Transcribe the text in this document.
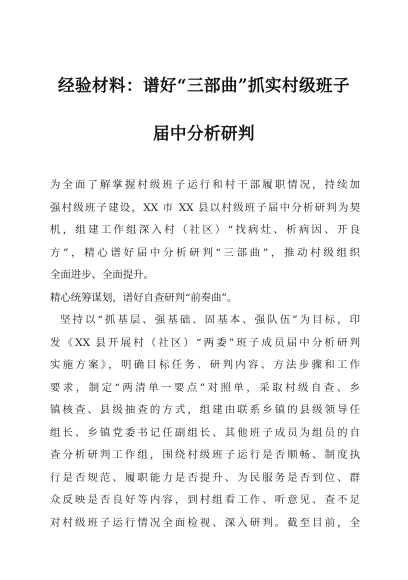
经验材料：谱好“三部曲”抓实村级班子
届中分析研判
为全面了解掌握村级班子运行和村干部履职情况，持续加
强村级班子建设，XX 市 XX 县以村级班子届中分析研判为契
机，组建工作组深入村（社区）“找病灶、析病因、开良
方”，精心谱好届中分析研判“三部曲”，推动村级组织
全面进步、全面提升。
精心统筹谋划，谱好自查研判“前奏曲”。
坚持以“抓基层、强基础、固基本、强队伍”为目标，印
发《XX 县开展村（社区）“两委”班子成员届中分析研判
实施方案》，明确目标任务、研判内容、方法步骤和工作
要求，制定“两清单一要点”对照单，采取村级自查、乡
镇核查、县级抽查的方式，组建由联系乡镇的县级领导任
组长、乡镇党委书记任副组长、其他班子成员为组员的自
查分析研判工作组，围绕村级班子运行是否顺畅、制度执
行是否规范、履职能力是否提升、为民服务是否到位、群
众反映是否良好等内容，到村组看工作、听意见、查不足
对村级班子运行情况全面检视、深入研判。截至目前，全
